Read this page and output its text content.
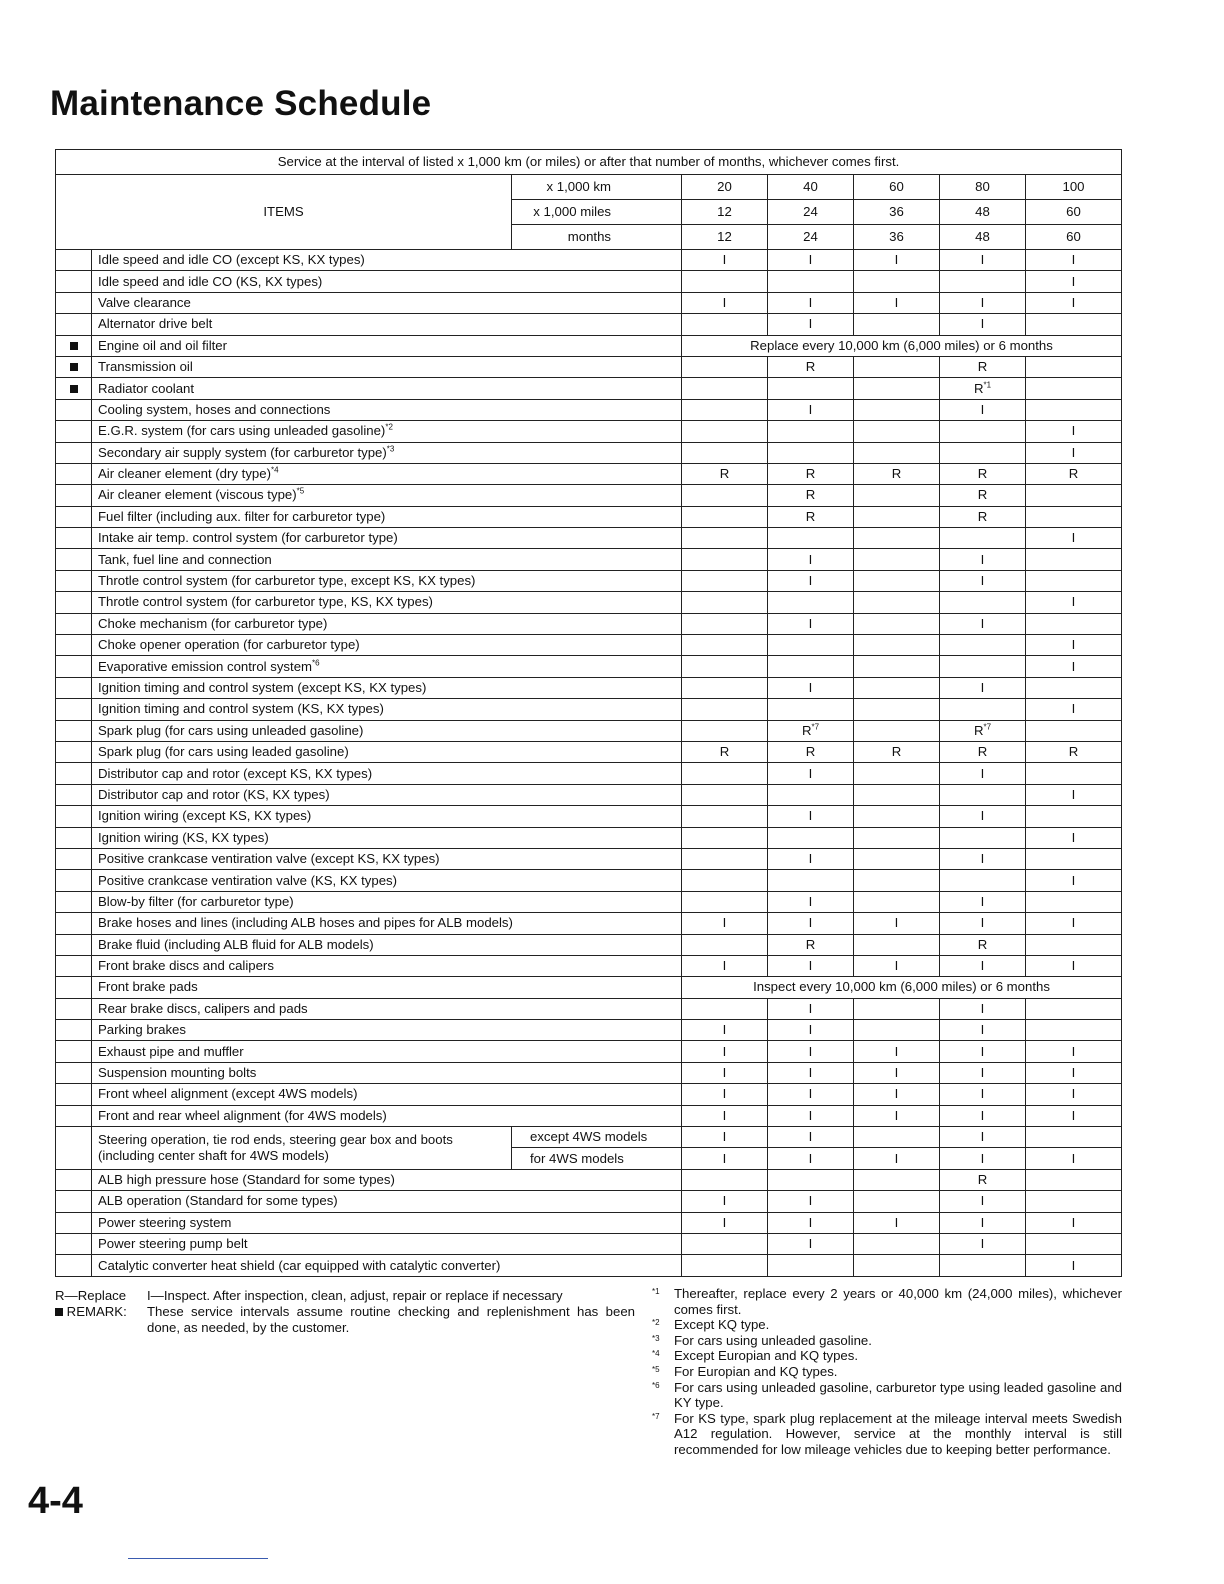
Maintenance Schedule
Service at the interval of listed x 1,000 km (or miles) or after that number of months, whichever comes first.							
ITEMS		x 1,000 km	20	40	60	80	100
		x 1,000 miles	12	24	36	48	60
		months	12	24	36	48	60
	Idle speed and idle CO (except KS, KX types)		I	I	I	I	I
	Idle speed and idle CO (KS, KX types)						I
	Valve clearance		I	I	I	I	I
	Alternator drive belt			I		I	
	Engine oil and oil filter		Replace every 10,000 km (6,000 miles) or 6 months				
	Transmission oil			R		R	
	Radiator coolant					$R^{*1}$	
	Cooling system, hoses and connections			I		I	
	E.G.R. system (for cars using unleaded gasoline)$^{*2}$						I
	Secondary air supply system (for carburetor type)$^{*3}$						I
	Air cleaner element (dry type)$^{*4}$		R	R	R	R	R
	Air cleaner element (viscous type)$^{*5}$			R		R	
	Fuel filter (including aux. filter for carburetor type)			R		R	
	Intake air temp. control system (for carburetor type)						I
	Tank, fuel line and connection			I		I	
	Throtle control system (for carburetor type, except KS, KX types)			I		I	
	Throtle control system (for carburetor type, KS, KX types)						I
	Choke mechanism (for carburetor type)			I		I	
	Choke opener operation (for carburetor type)						I
	Evaporative emission control system$^{*6}$						I
	Ignition timing and control system (except KS, KX types)			I		I	
	Ignition timing and control system (KS, KX types)						I
	Spark plug (for cars using unleaded gasoline)			$R^{*7}$		$R^{*7}$	
	Spark plug (for cars using leaded gasoline)		R	R	R	R	R
	Distributor cap and rotor (except KS, KX types)			I		I	
	Distributor cap and rotor (KS, KX types)						I
	Ignition wiring (except KS, KX types)			I		I	
	Ignition wiring (KS, KX types)						I
	Positive crankcase ventiration valve (except KS, KX types)			I		I	
	Positive crankcase ventiration valve (KS, KX types)						I
	Blow-by filter (for carburetor type)			I		I	
	Brake hoses and lines (including ALB hoses and pipes for ALB models)		I	I	I	I	I
	Brake fluid (including ALB fluid for ALB models)			R		R	
	Front brake discs and calipers		I	I	I	I	I
	Front brake pads		Inspect every 10,000 km (6,000 miles) or 6 months				
	Rear brake discs, calipers and pads			I		I	
	Parking brakes		I	I		I	
	Exhaust pipe and muffler		I	I	I	I	I
	Suspension mounting bolts		I	I	I	I	I
	Front wheel alignment (except 4WS models)		I	I	I	I	I
	Front and rear wheel alignment (for 4WS models)		I	I	I	I	I
	Steering operation, tie rod ends, steering gear box and boots (including center shaft for 4WS models)	except 4WS models	I	I		I	
		for 4WS models	I	I	I	I	I
	ALB high pressure hose (Standard for some types)					R	
	ALB operation (Standard for some types)		I	I		I	
	Power steering system		I	I	I	I	I
	Power steering pump belt			I		I	
	Catalytic converter heat shield (car equipped with catalytic converter)						I
R—Replace	I—Inspect. After inspection, clean, adjust, repair or replace if necessary
REMARK:	These service intervals assume routine checking and replenishment has been done, as needed, by the customer.
*1	Thereafter, replace every 2 years or 40,000 km (24,000 miles), whichever comes first.
*2	Except KQ type.
*3	For cars using unleaded gasoline.
*4	Except Europian and KQ types.
*5	For Europian and KQ types.
*6	For cars using unleaded gasoline, carburetor type using leaded gasoline and KY type.
*7	For KS type, spark plug replacement at the mileage interval meets Swedish A12 regulation. However, service at the monthly interval is still recommended for low mileage vehicles due to keeping better performance.
4-4
